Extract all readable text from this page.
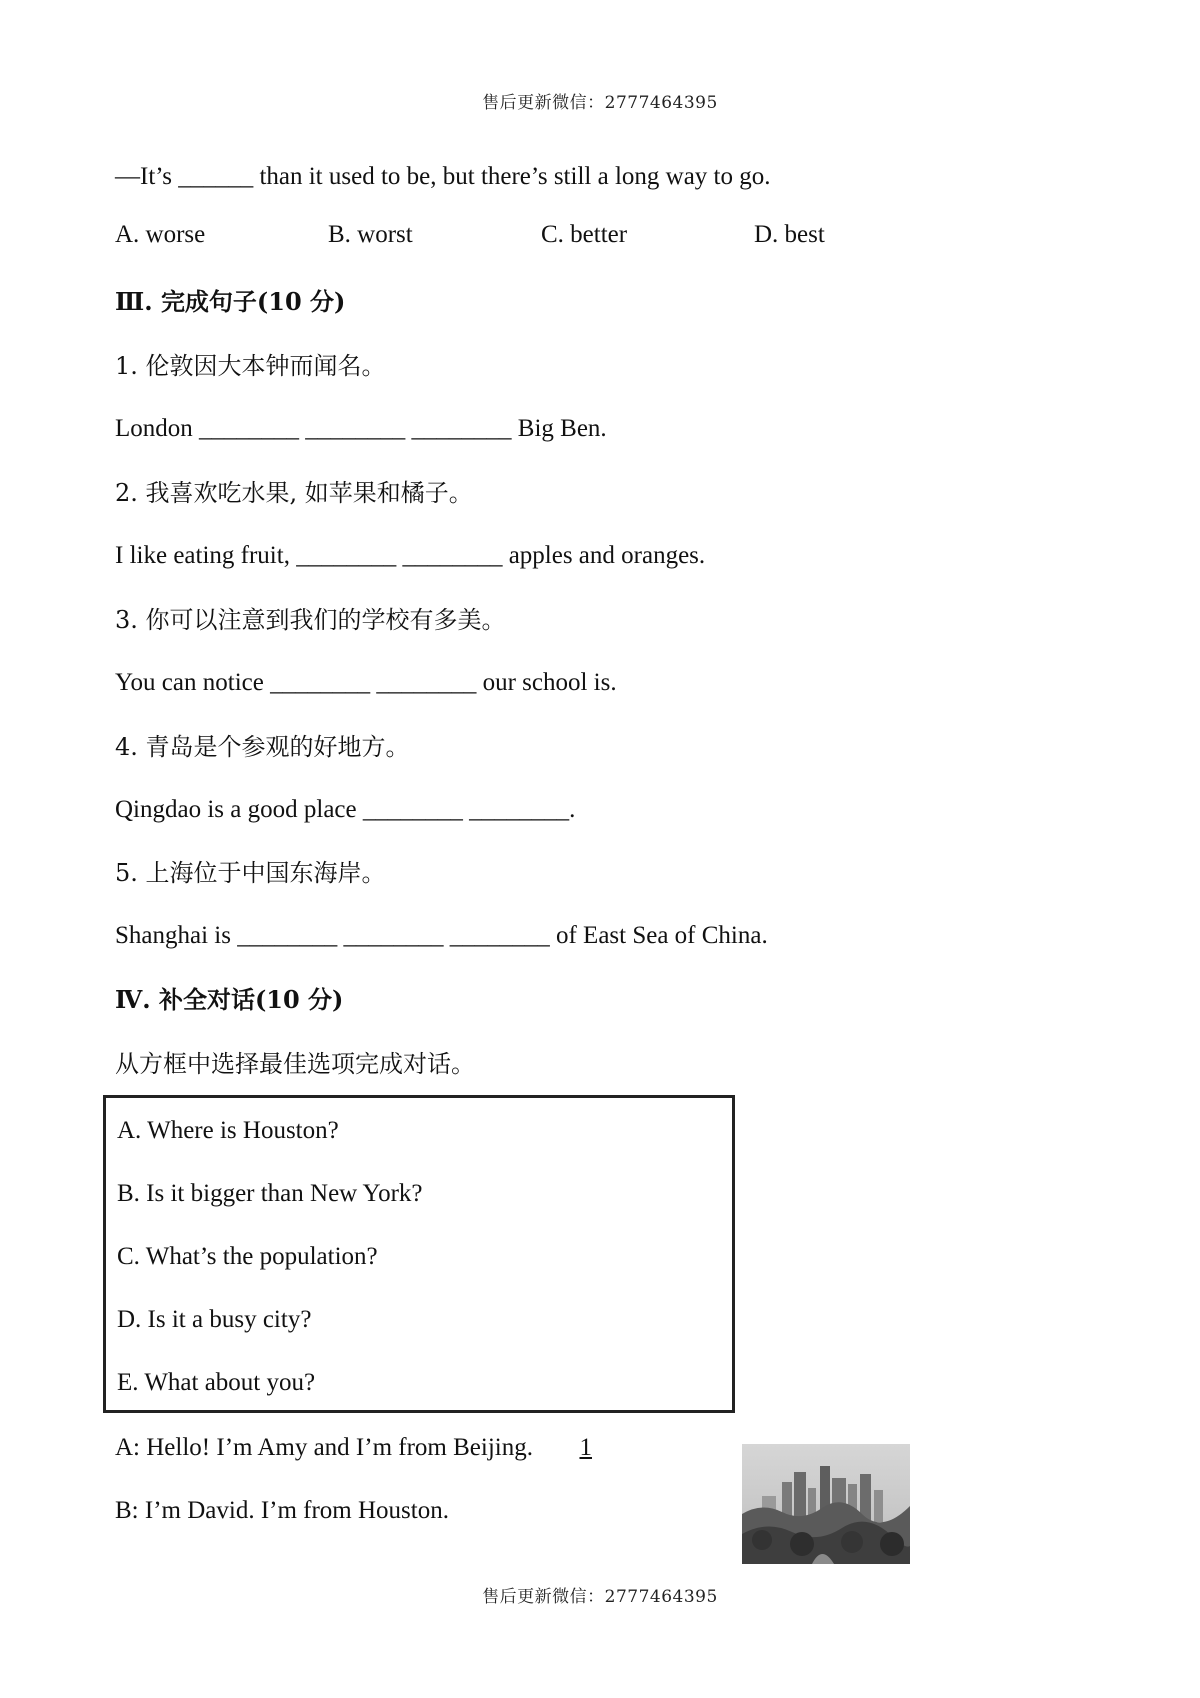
售后更新微信：2777464395
—It’s ______ than it used to be, but there’s still a long way to go.
A. worse	B. worst	C. better	D. best
Ⅲ. 完成句子(10 分)
1. 伦敦因大本钟而闻名。
London ________ ________ ________ Big Ben.
2. 我喜欢吃水果, 如苹果和橘子。
I like eating fruit, ________ ________ apples and oranges.
3. 你可以注意到我们的学校有多美。
You can notice ________ ________ our school is.
4. 青岛是个参观的好地方。
Qingdao is a good place ________ ________.
5. 上海位于中国东海岸。
Shanghai is ________ ________ ________ of East Sea of China.
Ⅳ. 补全对话(10 分)
从方框中选择最佳选项完成对话。
A. Where is Houston?
B. Is it bigger than New York?
C. What’s the population?
D. Is it a busy city?
E. What about you?
A: Hello! I’m Amy and I’m from Beijing. 1
B: I’m David. I’m from Houston.
售后更新微信：2777464395
